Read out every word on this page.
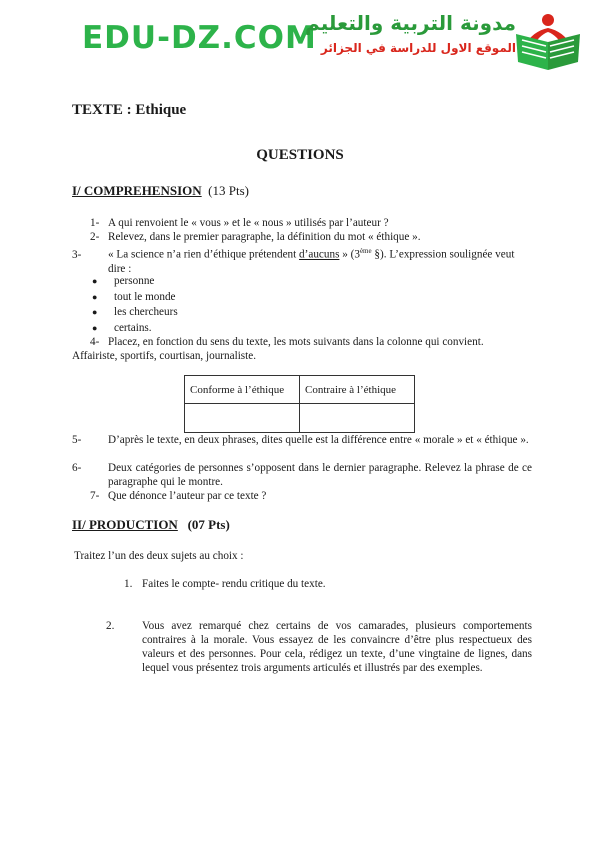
EDU-DZ.COM
مدونة التربية والتعليم
الموقع الاول للدراسة في الجزائر
TEXTE : Ethique
QUESTIONS
I/ COMPREHENSION (13 Pts)
1- A qui renvoient le « vous » et le « nous » utilisés par l’auteur ?
2- Relevez, dans le premier paragraphe, la définition du mot « éthique ».
3- « La science n’a rien d’éthique prétendent d’aucuns » (3ème §). L’expression soulignée veut dire :
● personne
● tout le monde
● les chercheurs
● certains.
4- Placez, en fonction du sens du texte, les mots suivants dans la colonne qui convient.
Affairiste, sportifs, courtisan, journaliste.
Conforme à l’éthique	Contraire à l’éthique

5- D’après le texte, en deux phrases, dites quelle est la différence entre « morale » et « éthique ».
6- Deux catégories de personnes s’opposent dans le dernier paragraphe. Relevez la phrase de ce paragraphe qui le montre.
7- Que dénonce l’auteur par ce texte ?
II/ PRODUCTION (07 Pts)
Traitez l’un des deux sujets au choix :
1. Faites le compte- rendu critique du texte.
2. Vous avez remarqué chez certains de vos camarades, plusieurs comportements contraires à la morale. Vous essayez de les convaincre d’être plus respectueux des valeurs et des personnes. Pour cela, rédigez un texte, d’une vingtaine de lignes, dans lequel vous présentez trois arguments articulés et illustrés par des exemples.
